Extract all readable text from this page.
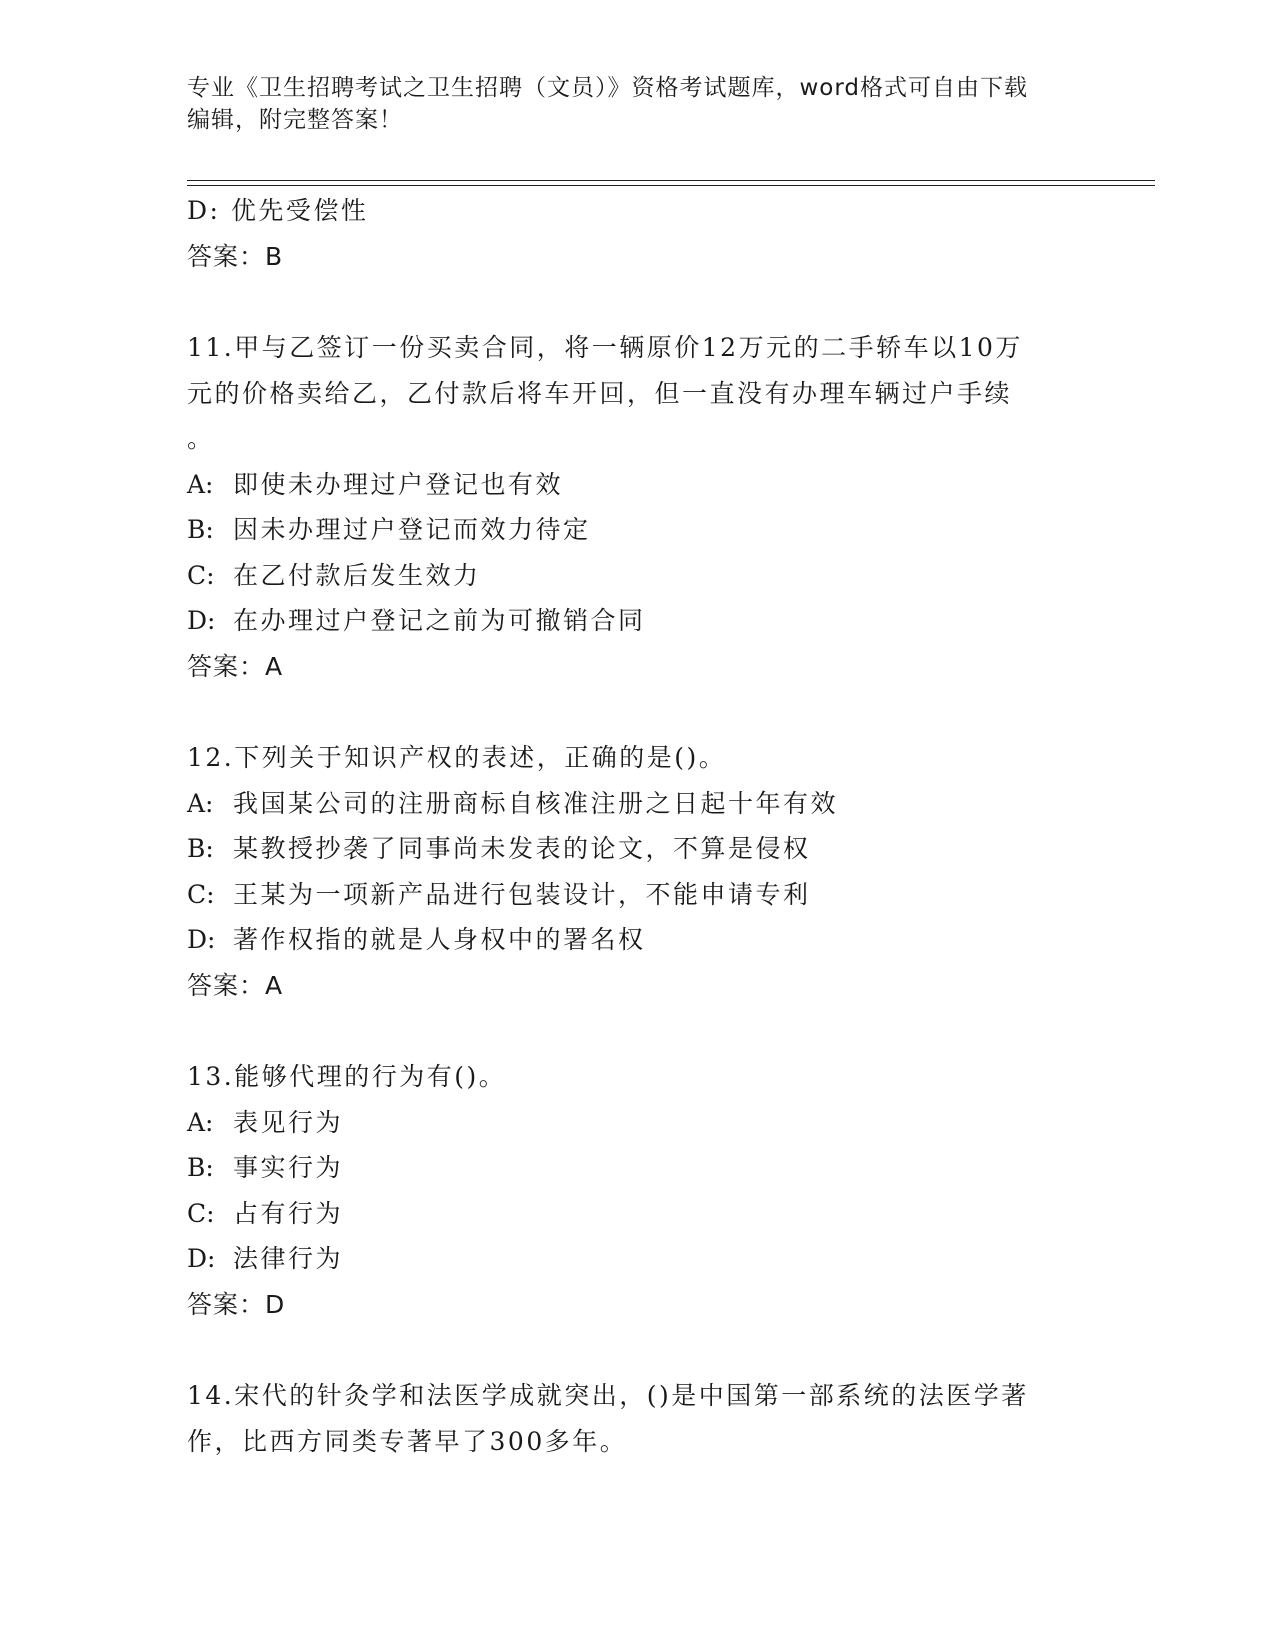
专业《卫生招聘考试之卫生招聘（文员）》资格考试题库，word格式可自由下载
编辑，附完整答案！
D: 优先受偿性
答案：B
11.甲与乙签订一份买卖合同，将一辆原价12万元的二手轿车以10万
元的价格卖给乙，乙付款后将车开回，但一直没有办理车辆过户手续
。
A: 即使未办理过户登记也有效
B: 因未办理过户登记而效力待定
C: 在乙付款后发生效力
D: 在办理过户登记之前为可撤销合同
答案：A
12.下列关于知识产权的表述，正确的是()。
A: 我国某公司的注册商标自核准注册之日起十年有效
B: 某教授抄袭了同事尚未发表的论文，不算是侵权
C: 王某为一项新产品进行包装设计，不能申请专利
D: 著作权指的就是人身权中的署名权
答案：A
13.能够代理的行为有()。
A: 表见行为
B: 事实行为
C: 占有行为
D: 法律行为
答案：D
14.宋代的针灸学和法医学成就突出，()是中国第一部系统的法医学著
作，比西方同类专著早了300多年。
